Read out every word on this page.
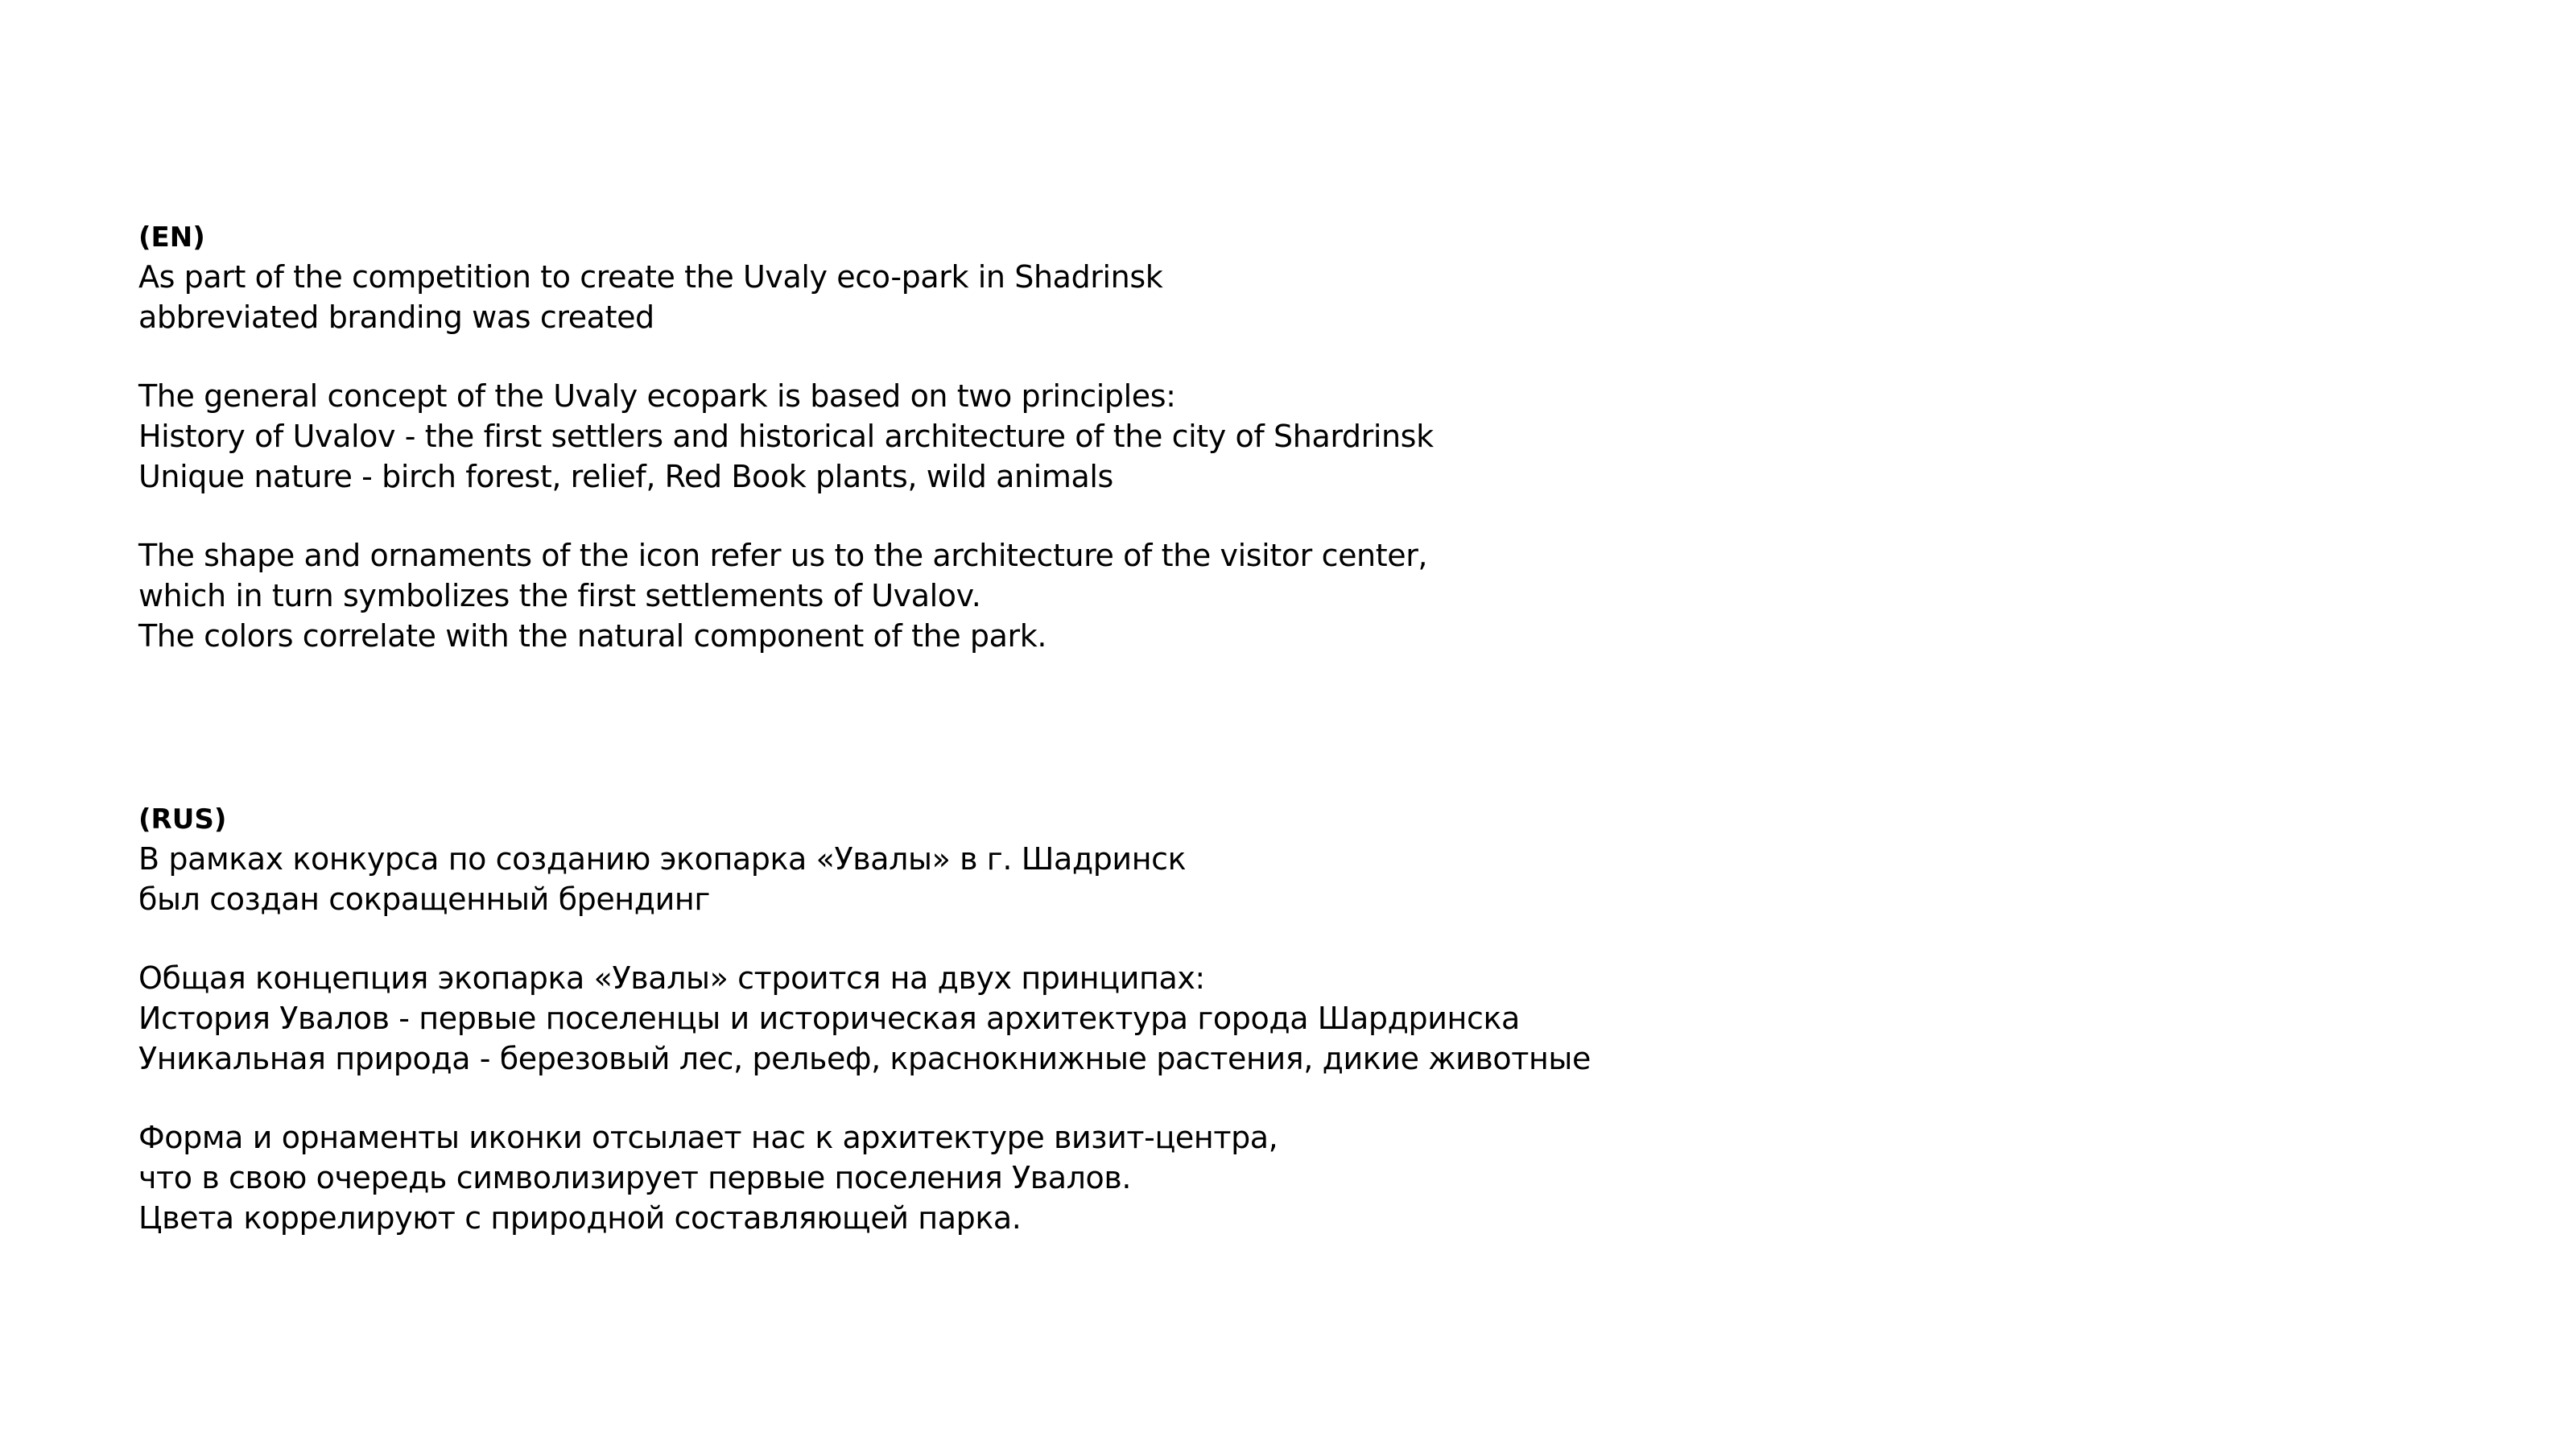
(EN)
As part of the competition to create the Uvaly eco-park in Shadrinsk
abbreviated branding was created
The general concept of the Uvaly ecopark is based on two principles:
History of Uvalov - the first settlers and historical architecture of the city of Shardrinsk
Unique nature - birch forest, relief, Red Book plants, wild animals
The shape and ornaments of the icon refer us to the architecture of the visitor center,
which in turn symbolizes the first settlements of Uvalov.
The colors correlate with the natural component of the park.
(RUS)
В рамках конкурса по созданию экопарка «Увалы» в г. Шадринск
был создан сокращенный брендинг
Общая концепция экопарка «Увалы» строится на двух принципах:
История Увалов - первые поселенцы и историческая архитектура города Шардринска
Уникальная природа - березовый лес, рельеф, краснокнижные растения, дикие животные
Форма и орнаменты иконки отсылает нас к архитектуре визит-центра,
что в свою очередь символизирует первые поселения Увалов.
Цвета коррелируют с природной составляющей парка.
